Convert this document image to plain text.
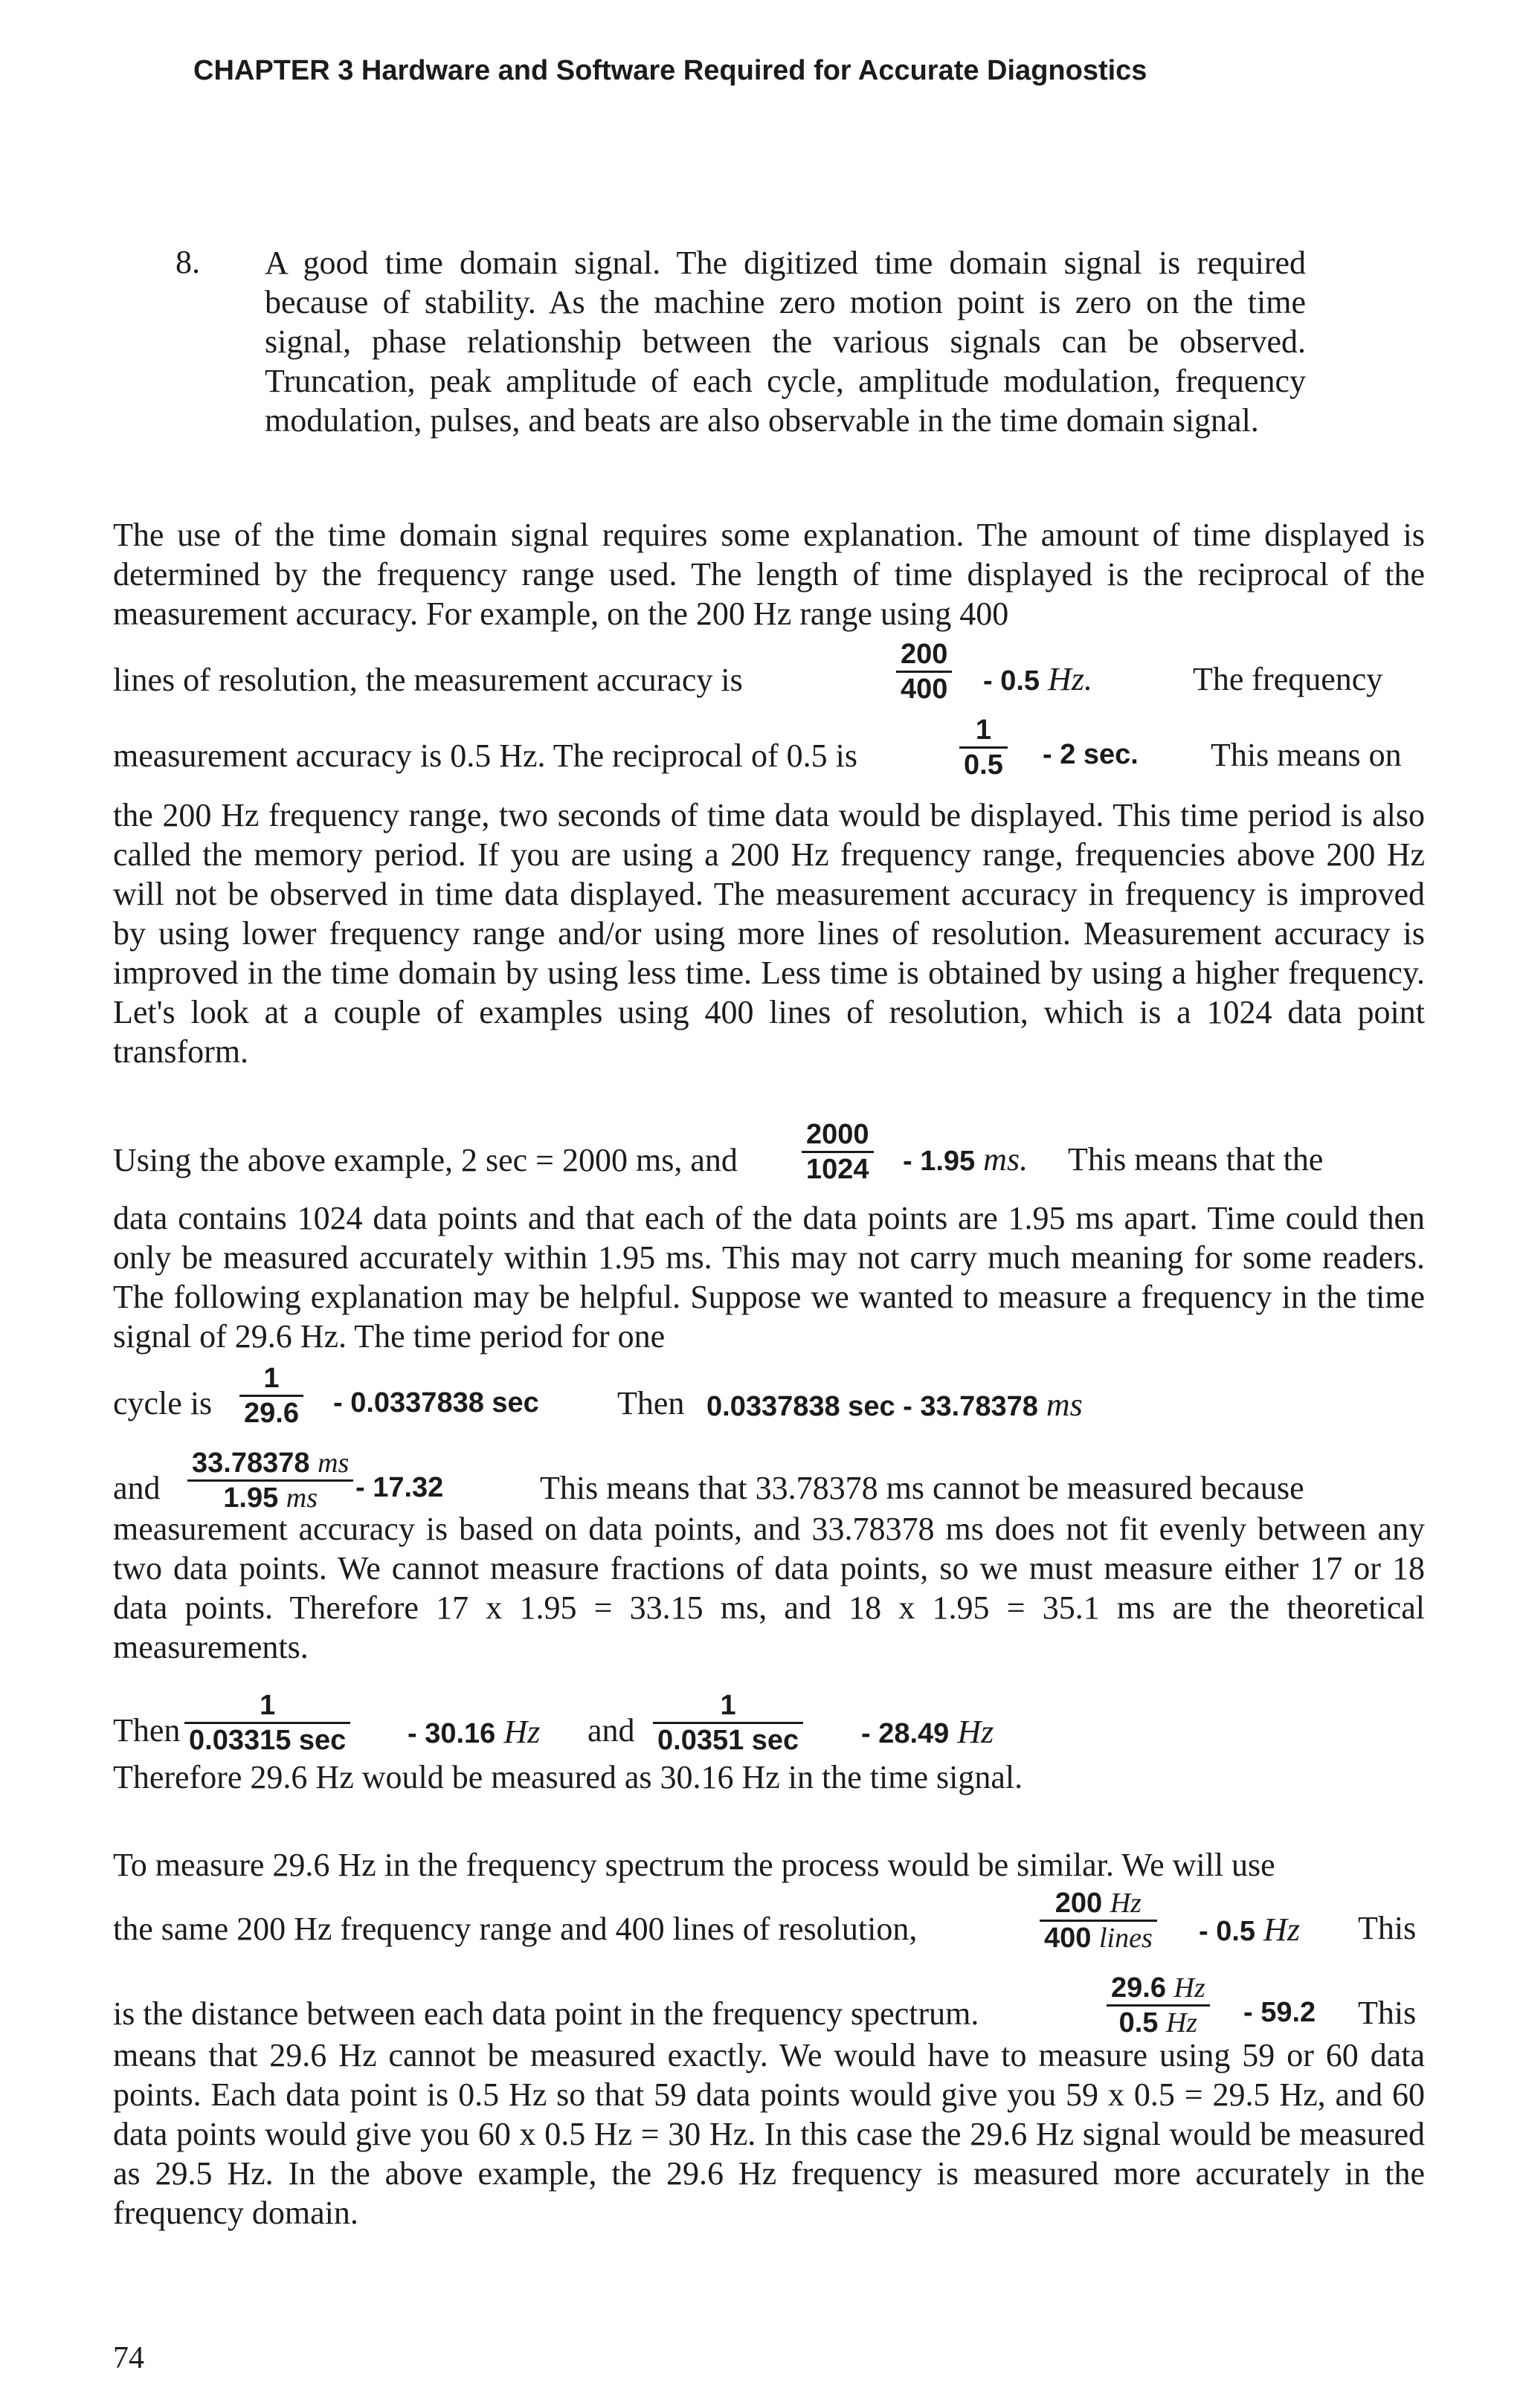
CHAPTER 3 Hardware and Software Required for Accurate Diagnostics
8. A good time domain signal. The digitized time domain signal is required because of stability. As the machine zero motion point is zero on the time signal, phase relationship between the various signals can be observed. Truncation, peak amplitude of each cycle, amplitude modulation, frequency modulation, pulses, and beats are also observable in the time domain signal.
The use of the time domain signal requires some explanation. The amount of time displayed is determined by the frequency range used. The length of time displayed is the reciprocal of the measurement accuracy. For example, on the 200 Hz range using 400
lines of resolution, the measurement accuracy is	$\frac{200}{400} - 0.5$ Hz.	The frequency
measurement accuracy is 0.5 Hz. The reciprocal of 0.5 is	$\frac{1}{0.5} - 2$ sec. This means on
the 200 Hz frequency range, two seconds of time data would be displayed. This time period is also called the memory period. If you are using a 200 Hz frequency range, frequencies above 200 Hz will not be observed in time data displayed. The measurement accuracy in frequency is improved by using lower frequency range and/or using more lines of resolution. Measurement accuracy is improved in the time domain by using less time. Less time is obtained by using a higher frequency. Let's look at a couple of examples using 400 lines of resolution, which is a 1024 data point transform.
Using the above example, 2 sec = 2000 ms, and	$\frac{2000}{1024} - 1.95$ ms. This means that the
data contains 1024 data points and that each of the data points are 1.95 ms apart. Time could then only be measured accurately within 1.95 ms. This may not carry much meaning for some readers. The following explanation may be helpful. Suppose we wanted to measure a frequency in the time signal of 29.6 Hz. The time period for one
cycle is $\frac{1}{29.6} - 0.0337838$ sec Then 0.0337838 sec - 33.78378 ms
and $\frac{33.78378 ms}{1.95 ms} - 17.32$	This means that 33.78378 ms cannot be measured because
measurement accuracy is based on data points, and 33.78378 ms does not fit evenly between any two data points. We cannot measure fractions of data points, so we must measure either 17 or 18 data points. Therefore 17 x 1.95 = 33.15 ms, and 18 x 1.95 = 35.1 ms are the theoretical measurements.
Then
1
0.03315 sec - 30.16 Hz and
1
0.0351 sec - 28.49 Hz
Therefore 29.6 Hz would be measured as 30.16 Hz in the time signal.
To measure 29.6 Hz in the frequency spectrum the process would be similar. We will use
the same 200 Hz frequency range and 400 lines of resolution,
200 Hz
400 lines - 0.5 Hz This
is the distance between each data point in the frequency spectrum.	$\frac{29.6 Hz}{0.5 Hz} - 59.2$ This
means that 29.6 Hz cannot be measured exactly. We would have to measure using 59 or 60 data points. Each data point is 0.5 Hz so that 59 data points would give you 59 x 0.5 = 29.5 Hz, and 60 data points would give you 60 x 0.5 Hz = 30 Hz. In this case the 29.6 Hz signal would be measured as 29.5 Hz. In the above example, the 29.6 Hz frequency is measured more accurately in the frequency domain.
74
